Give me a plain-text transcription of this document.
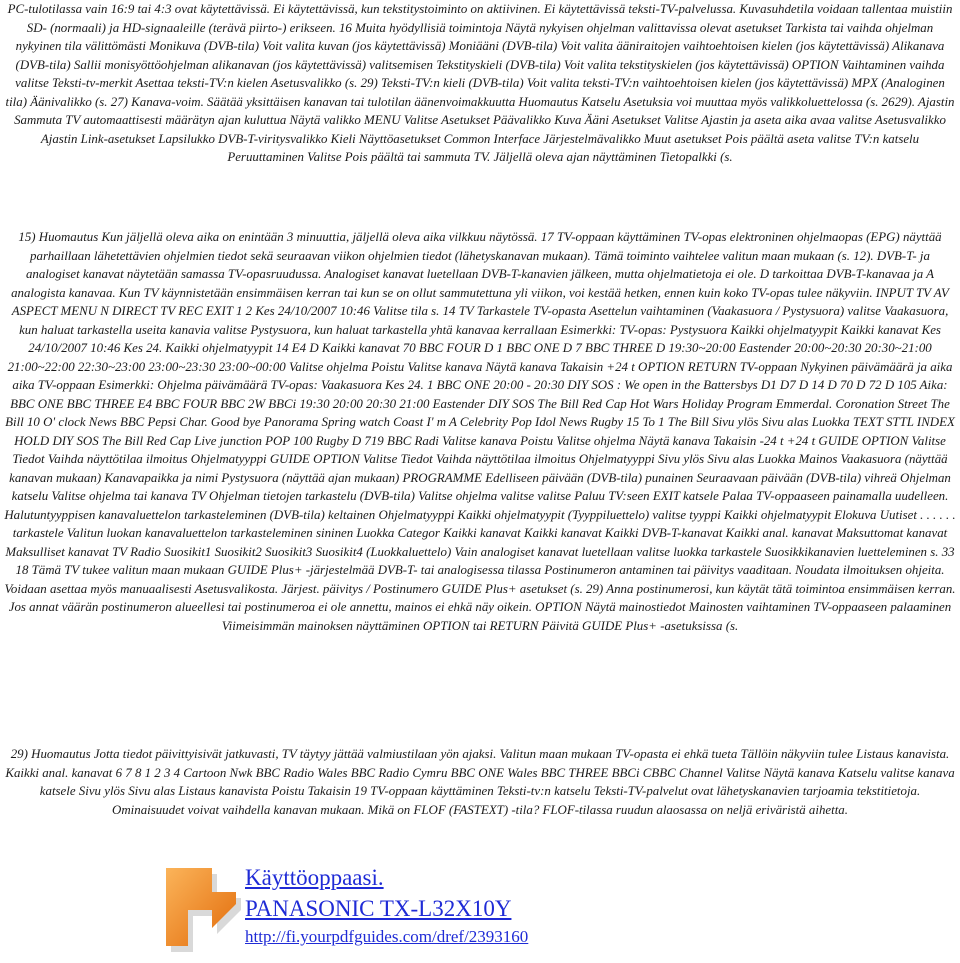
PC-tulotilassa vain 16:9 tai 4:3 ovat käytettävissä. Ei käytettävissä, kun tekstitystoiminto on aktiivinen. Ei käytettävissä teksti-TV-palvelussa. Kuvasuhdetila voidaan tallentaa muistiin SD- (normaali) ja HD-signaaleille (terävä piirto-) erikseen. 16 Muita hyödyllisiä toimintoja Näytä nykyisen ohjelman valittavissa olevat asetukset Tarkista tai vaihda ohjelman nykyinen tila välittömästi Monikuva (DVB-tila) Voit valita kuvan (jos käytettävissä) Moniääni (DVB-tila) Voit valita ääniraitojen vaihtoehtoisen kielen (jos käytettävissä) Alikanava (DVB-tila) Sallii monisyöttöohjelman alikanavan (jos käytettävissä) valitsemisen Tekstityskieli (DVB-tila) Voit valita tekstityskielen (jos käytettävissä) OPTION Vaihtaminen vaihda valitse Teksti-tv-merkit Asettaa teksti-TV:n kielen Asetusvalikko (s. 29) Teksti-TV:n kieli (DVB-tila) Voit valita teksti-TV:n vaihtoehtoisen kielen (jos käytettävissä) MPX (Analoginen tila) Äänivalikko (s. 27) Kanava-voim. Säätää yksittäisen kanavan tai tulotilan äänenvoimakkuutta Huomautus Katselu Asetuksia voi muuttaa myös valikkoluettelossa (s. 2629). Ajastin Sammuta TV automaattisesti määrätyn ajan kuluttua Näytä valikko MENU Valitse Asetukset Päävalikko Kuva Ääni Asetukset Valitse Ajastin ja aseta aika avaa valitse Asetusvalikko Ajastin Link-asetukset Lapsilukko DVB-T-viritysvalikko Kieli Näyttöasetukset Common Interface Järjestelmävalikko Muut asetukset Pois päältä aseta valitse TV:n katselu Peruuttaminen Valitse Pois päältä tai sammuta TV. Jäljellä oleva ajan näyttäminen Tietopalkki (s.

15) Huomautus Kun jäljellä oleva aika on enintään 3 minuuttia, jäljellä oleva aika vilkkuu näytössä. 17 TV-oppaan käyttäminen TV-opas elektroninen ohjelmaopas (EPG) näyttää parhaillaan lähetettävien ohjelmien tiedot sekä seuraavan viikon ohjelmien tiedot (lähetyskanavan mukaan). Tämä toiminto vaihtelee valitun maan mukaan (s. 12). DVB-T- ja analogiset kanavat näytetään samassa TV-opasruudussa. Analogiset kanavat luetellaan DVB-T-kanavien jälkeen, mutta ohjelmatietoja ei ole. D tarkoittaa DVB-T-kanavaa ja A analogista kanavaa. Kun TV käynnistetään ensimmäisen kerran tai kun se on ollut sammutettuna yli viikon, voi kestää hetken, ennen kuin koko TV-opas tulee näkyviin. INPUT TV AV ASPECT MENU N DIRECT TV REC EXIT 1 2 Kes 24/10/2007 10:46 Valitse tila s. 14 TV Tarkastele TV-opasta Asettelun vaihtaminen (Vaakasuora / Pystysuora) valitse Vaakasuora, kun haluat tarkastella useita kanavia valitse Pystysuora, kun haluat tarkastella yhtä kanavaa kerrallaan Esimerkki: TV-opas: Pystysuora Kaikki ohjelmatyypit Kaikki kanavat Kes 24/10/2007 10:46 Kes 24. Kaikki ohjelmatyypit 14 E4 D Kaikki kanavat 70 BBC FOUR D 1 BBC ONE D 7 BBC THREE D 19:30~20:00 Eastender 20:00~20:30 20:30~21:00 21:00~22:00 22:30~23:00 23:00~23:30 23:00~00:00 Valitse ohjelma Poistu Valitse kanava Näytä kanava Takaisin +24 t OPTION RETURN TV-oppaan Nykyinen päivämäärä ja aika aika TV-oppaan Esimerkki: Ohjelma päivämäärä TV-opas: Vaakasuora Kes 24. 1 BBC ONE 20:00 - 20:30 DIY SOS : We open in the Battersbys D1 D7 D 14 D 70 D 72 D 105 Aika: BBC ONE BBC THREE E4 BBC FOUR BBC 2W BBCi 19:30 20:00 20:30 21:00 Eastender DIY SOS The Bill Red Cap Hot Wars Holiday Program Emmerdal. Coronation Street The Bill 10 O' clock News BBC Pepsi Char. Good bye Panorama Spring watch Coast I' m A Celebrity Pop Idol News Rugby 15 To 1 The Bill Sivu ylös Sivu alas Luokka TEXT STTL INDEX HOLD DIY SOS The Bill Red Cap Live junction POP 100 Rugby D 719 BBC Radi Valitse kanava Poistu Valitse ohjelma Näytä kanava Takaisin -24 t +24 t GUIDE OPTION Valitse Tiedot Vaihda näyttötilaa ilmoitus Ohjelmatyyppi GUIDE OPTION Valitse Tiedot Vaihda näyttötilaa ilmoitus Ohjelmatyyppi Sivu ylös Sivu alas Luokka Mainos Vaakasuora (näyttää kanavan mukaan) Kanavapaikka ja nimi Pystysuora (näyttää ajan mukaan) PROGRAMME Edelliseen päivään (DVB-tila) punainen Seuraavaan päivään (DVB-tila) vihreä Ohjelman katselu Valitse ohjelma tai kanava TV Ohjelman tietojen tarkastelu (DVB-tila) Valitse ohjelma valitse valitse Paluu TV:seen EXIT katsele Palaa TV-oppaaseen painamalla uudelleen. Halutuntyyppisen kanavaluettelon tarkasteleminen (DVB-tila) keltainen Ohjelmatyyppi Kaikki ohjelmatyypit (Tyyppiluettelo) valitse tyyppi Kaikki ohjelmatyypit Elokuva Uutiset . . . . . . tarkastele Valitun luokan kanavaluettelon tarkasteleminen sininen Luokka Categor Kaikki kanavat Kaikki kanavat Kaikki DVB-T-kanavat Kaikki anal. kanavat Maksuttomat kanavat Maksulliset kanavat TV Radio Suosikit1 Suosikit2 Suosikit3 Suosikit4 (Luokkaluettelo) Vain analogiset kanavat luetellaan valitse luokka tarkastele Suosikkikanavien luetteleminen s. 33 18 Tämä TV tukee valitun maan mukaan GUIDE Plus+ -järjestelmää DVB-T- tai analogisessa tilassa Postinumeron antaminen tai päivitys vaaditaan. Noudata ilmoituksen ohjeita. Voidaan asettaa myös manuaalisesti Asetusvalikosta. Järjest. päivitys / Postinumero GUIDE Plus+ asetukset (s. 29) Anna postinumerosi, kun käytät tätä toimintoa ensimmäisen kerran. Jos annat väärän postinumeron alueellesi tai postinumeroa ei ole annettu, mainos ei ehkä näy oikein. OPTION Näytä mainostiedot Mainosten vaihtaminen TV-oppaaseen palaaminen Viimeisimmän mainoksen näyttäminen OPTION tai RETURN Päivitä GUIDE Plus+ -asetuksissa (s.

29) Huomautus Jotta tiedot päivittyisivät jatkuvasti, TV täytyy jättää valmiustilaan yön ajaksi. Valitun maan mukaan TV-opasta ei ehkä tueta Tällöin näkyviin tulee Listaus kanavista. Kaikki anal. kanavat 6 7 8 1 2 3 4 Cartoon Nwk BBC Radio Wales BBC Radio Cymru BBC ONE Wales BBC THREE BBCi CBBC Channel Valitse Näytä kanava Katselu valitse kanava katsele Sivu ylös Sivu alas Listaus kanavista Poistu Takaisin 19 TV-oppaan käyttäminen Teksti-tv:n katselu Teksti-TV-palvelut ovat lähetyskanavien tarjoamia tekstitietoja. Ominaisuudet voivat vaihdella kanavan mukaan. Mikä on FLOF (FASTEXT) -tila? FLOF-tilassa ruudun alaosassa on neljä eriväristä aihetta.

Käyttöoppaasi.
PANASONIC TX-L32X10Y
http://fi.yourpdfguides.com/dref/2393160
